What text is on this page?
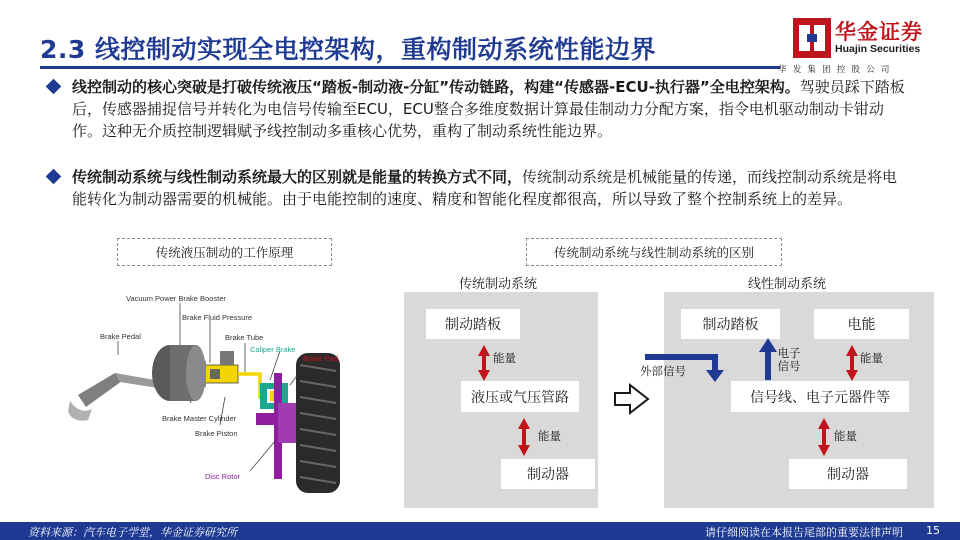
2.3 线控制动实现全电控架构，重构制动系统性能边界
华金证券
Huajin Securities
华发集团控股公司
线控制动的核心突破是打破传统液压“踏板-制动液-分缸”传动链路，构建“传感器-ECU-执行器”全电控架构。驾驶员踩下踏板后，传感器捕捉信号并转化为电信号传输至ECU，ECU整合多维度数据计算最佳制动力分配方案，指令电机驱动制动卡钳动作。这种无介质控制逻辑赋予线控制动多重核心优势，重构了制动系统性能边界。
传统制动系统与线性制动系统最大的区别就是能量的转换方式不同，传统制动系统是机械能量的传递，而线控制动系统是将电能转化为制动器需要的机械能。由于电能控制的速度、精度和智能化程度都很高，所以导致了整个控制系统上的差异。
传统液压制动的工作原理
Vacuum Power Brake Booster
Brake Fluid Pressure
Brake Pedal	Brake Tube
Caliper Brake
Brake Pad
Brake Master Cylinder
Brake Piston
Disc Rotor
传统制动系统与线性制动系统的区别
传统制动系统	线性制动系统
制动踏板
液压或气压管路
制动器
制动踏板	电能
信号线、电子元器件等
制动器
能量
能量
外部信号
电子信号
能量
能量
资料来源：汽车电子学堂，华金证券研究所	请仔细阅读在本报告尾部的重要法律声明 15
